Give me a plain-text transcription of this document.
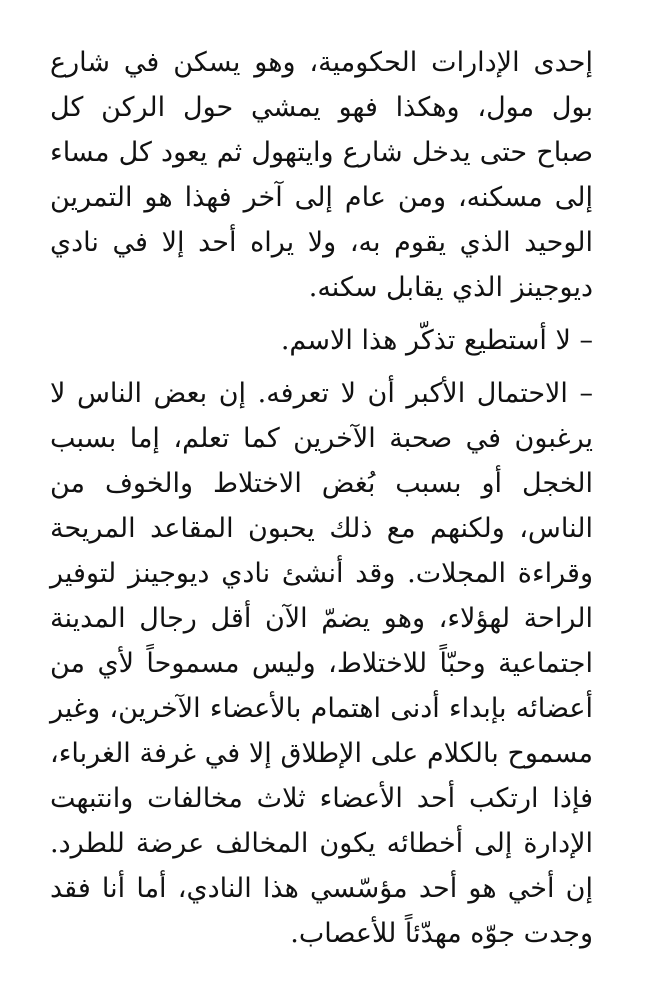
إحدى الإدارات الحكومية، وهو يسكن في شارع بول مول، وهكذا فهو يمشي حول الركن كل صباح حتى يدخل شارع وايتهول ثم يعود كل مساء إلى مسكنه، ومن عام إلى آخر فهذا هو التمرين الوحيد الذي يقوم به، ولا يراه أحد إلا في نادي ديوجينز الذي يقابل سكنه.

– لا أستطيع تذكّر هذا الاسم.

– الاحتمال الأكبر أن لا تعرفه. إن بعض الناس لا يرغبون في صحبة الآخرين كما تعلم، إما بسبب الخجل أو بسبب بُغض الاختلاط والخوف من الناس، ولكنهم مع ذلك يحبون المقاعد المريحة وقراءة المجلات. وقد أنشئ نادي ديوجينز لتوفير الراحة لهؤلاء، وهو يضمّ الآن أقل رجال المدينة اجتماعية وحبّاً للاختلاط، وليس مسموحاً لأي من أعضائه بإبداء أدنى اهتمام بالأعضاء الآخرين، وغير مسموح بالكلام على الإطلاق إلا في غرفة الغرباء، فإذا ارتكب أحد الأعضاء ثلاث مخالفات وانتبهت الإدارة إلى أخطائه يكون المخالف عرضة للطرد. إن أخي هو أحد مؤسّسي هذا النادي، أما أنا فقد وجدت جوّه مهدّئاً للأعصاب.
